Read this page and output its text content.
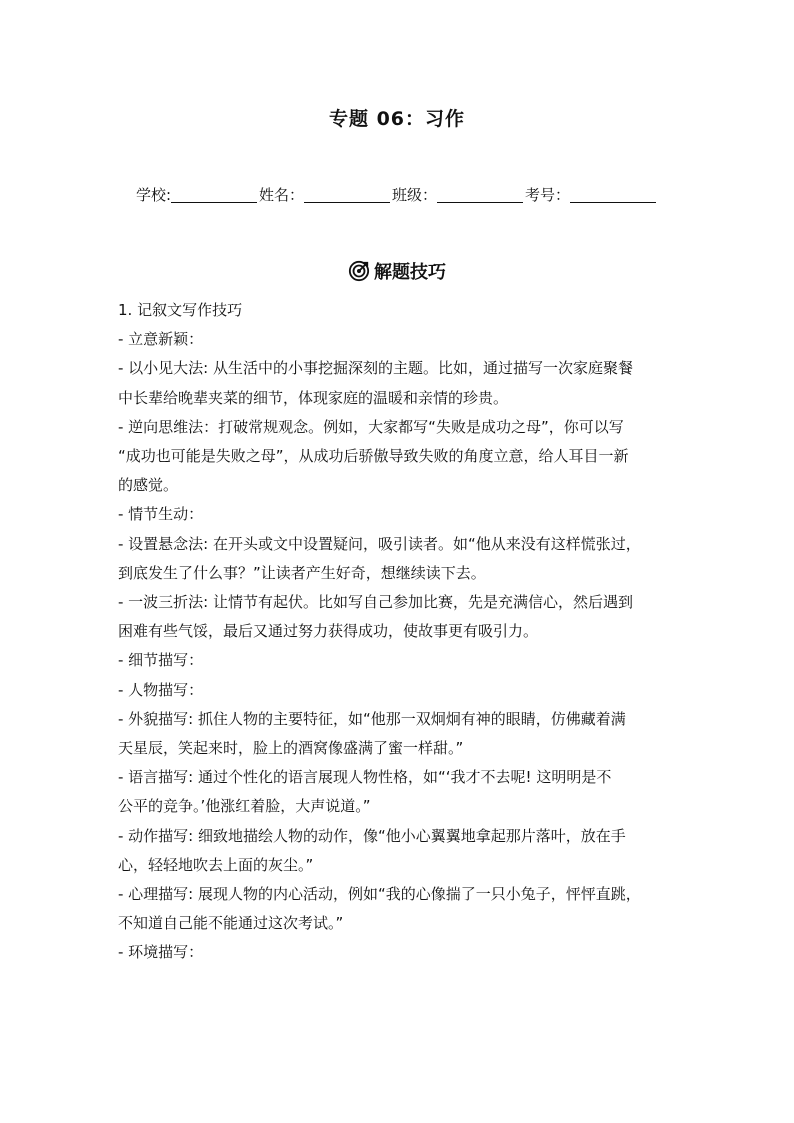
专题 06：习作
学校:	姓名：	班级：	考号：
解题技巧

1. 记叙文写作技巧

- 立意新颖：

- 以小见大法: 从生活中的小事挖掘深刻的主题。比如，通过描写一次家庭聚餐

中长辈给晚辈夹菜的细节，体现家庭的温暖和亲情的珍贵。

- 逆向思维法：打破常规观念。例如，大家都写“失败是成功之母”，你可以写

“成功也可能是失败之母”，从成功后骄傲导致失败的角度立意，给人耳目一新

的感觉。

- 情节生动：

- 设置悬念法: 在开头或文中设置疑问，吸引读者。如“他从来没有这样慌张过，

到底发生了什么事？”让读者产生好奇，想继续读下去。

- 一波三折法: 让情节有起伏。比如写自己参加比赛，先是充满信心，然后遇到

困难有些气馁，最后又通过努力获得成功，使故事更有吸引力。

- 细节描写：

- 人物描写：

- 外貌描写: 抓住人物的主要特征，如“他那一双炯炯有神的眼睛，仿佛藏着满

天星辰，笑起来时，脸上的酒窝像盛满了蜜一样甜。”

- 语言描写: 通过个性化的语言展现人物性格，如“‘我才不去呢! 这明明是不

公平的竞争。’他涨红着脸，大声说道。”

- 动作描写: 细致地描绘人物的动作，像“他小心翼翼地拿起那片落叶，放在手

心，轻轻地吹去上面的灰尘。”

- 心理描写: 展现人物的内心活动，例如“我的心像揣了一只小兔子，怦怦直跳，

不知道自己能不能通过这次考试。”

- 环境描写：
